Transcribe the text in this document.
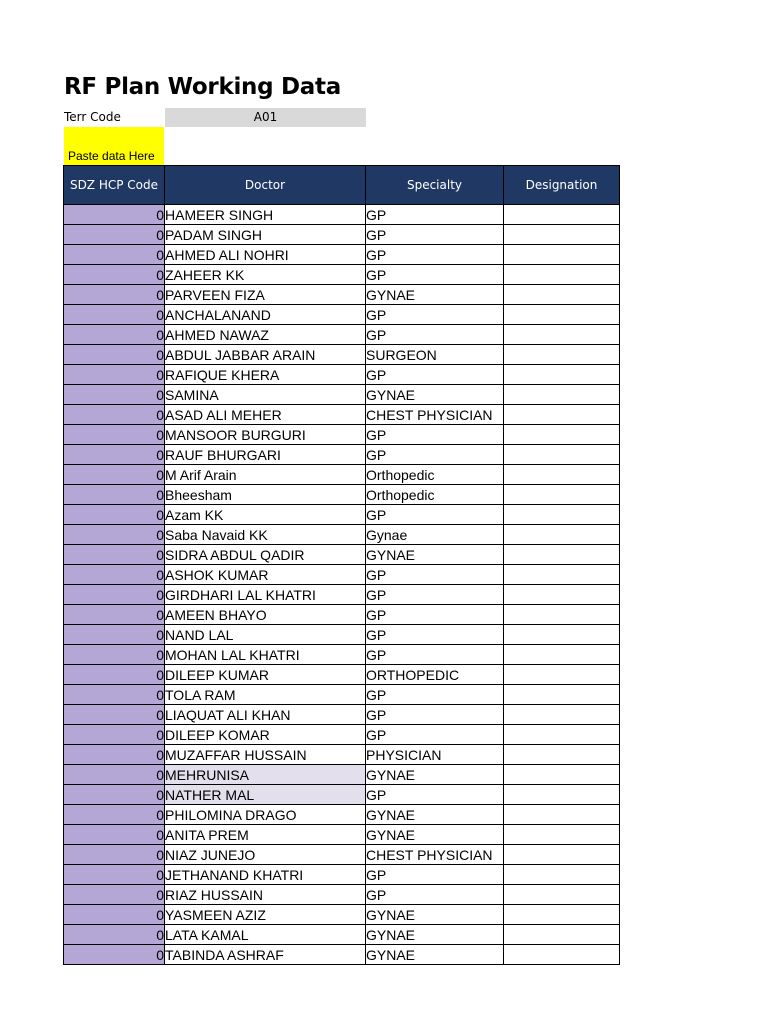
RF Plan Working Data
Terr Code	A01
Paste data Here
SDZ HCP Code	Doctor	Specialty	Designation
0	HAMEER SINGH	GP	
0	PADAM SINGH	GP	
0	AHMED ALI NOHRI	GP	
0	ZAHEER KK	GP	
0	PARVEEN FIZA	GYNAE	
0	ANCHALANAND	GP	
0	AHMED NAWAZ	GP	
0	ABDUL JABBAR ARAIN	SURGEON	
0	RAFIQUE KHERA	GP	
0	SAMINA	GYNAE	
0	ASAD ALI MEHER	CHEST PHYSICIAN	
0	MANSOOR BURGURI	GP	
0	RAUF BHURGARI	GP	
0	M Arif Arain	Orthopedic	
0	Bheesham	Orthopedic	
0	Azam KK	GP	
0	Saba Navaid KK	Gynae	
0	SIDRA ABDUL QADIR	GYNAE	
0	ASHOK KUMAR	GP	
0	GIRDHARI LAL KHATRI	GP	
0	AMEEN BHAYO	GP	
0	NAND LAL	GP	
0	MOHAN LAL KHATRI	GP	
0	DILEEP KUMAR	ORTHOPEDIC	
0	TOLA RAM	GP	
0	LIAQUAT ALI KHAN	GP	
0	DILEEP KOMAR	GP	
0	MUZAFFAR HUSSAIN	PHYSICIAN	
0	MEHRUNISA	GYNAE	
0	NATHER MAL	GP	
0	PHILOMINA DRAGO	GYNAE	
0	ANITA PREM	GYNAE	
0	NIAZ JUNEJO	CHEST PHYSICIAN	
0	JETHANAND KHATRI	GP	
0	RIAZ HUSSAIN	GP	
0	YASMEEN AZIZ	GYNAE	
0	LATA KAMAL	GYNAE	
0	TABINDA ASHRAF	GYNAE	
